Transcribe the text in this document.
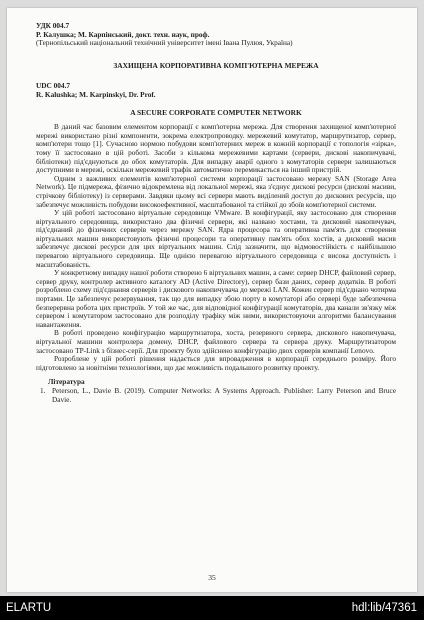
УДК 004.7
Р. Калушка; М. Карпінський, докт. техн. наук, проф.
(Тернопільський національний технічний університет імені Івана Пулюя, Україна)
ЗАХИЩЕНА КОРПОРАТИВНА КОМП'ЮТЕРНА МЕРЕЖА
UDC 004.7
R. Kalushka; M. Karpinskyi, Dr. Prof.
A SECURE CORPORATE COMPUTER NETWORK

В даний час базовим елементом корпорації є комп'ютерна мережа. Для створення захищеної комп'ютерної мережі використано різні компоненти, зокрема електропроводку. мережевий комутатор, маршрутизатор, сервер, комп'ютери тощо [1]. Сучасною нормою побудови комп'ютерних мереж в кожній корпорації є топологія «зірка», тому її застосовано в цій роботі. Засоби з кількома мережевими картами (сервери, дискові накопичувачі, бібліотеки) під'єднуються до обох комутаторів. Для випадку аварії одного з комутаторів сервери залишаються доступними в мережі, оскільки мережевий трафік автоматично перемикається на інший пристрій.

Одним з важливих елементів комп'ютерної системи корпорації застосовано мережу SAN (Storage Area Network). Це підмережа, фізично відокремлена від локальної мережі, яка з'єднує дискові ресурси (дискові масиви, стрічкову бібліотеку) із серверами. Завдяки цьому всі сервери мають виділений доступ до дискових ресурсів, що забезпечує можливість побудови високоефективної, масштабованої та стійкої до збоїв комп'ютерної системи.

У цій роботі застосовано віртуальне середовище VMware. В конфігурації, яку застосовано для створення віртуального середовища, використано два фізичні сервери, які названо хостами, та дисковий накопичувач, під'єднаний до фізичних серверів через мережу SAN. Ядра процесора та оперативна пам'ять для створення віртуальних машин використовують фізичні процесори та оперативну пам'ять обох хостів, а дисковий масив забезпечує дискові ресурси для цих віртуальних машин. Слід зазначити, що відмовостійкість є найбільшою перевагою віртуального середовища. Ще однією перевагою віртуального середовища є висока доступність і масштабованість.

У конкретному випадку нашої роботи створено 6 віртуальних машин, а саме: сервер DHCP, файловий сервер, сервер друку, контролер активного каталогу AD (Active Directory), сервер бази даних, сервер додатків. В роботі розроблено схему під'єднання серверів і дискового накопичувача до мережі LAN. Кожен сервер під'єднано чотирма портами. Це забезпечує резервування, так що для випадку збою порту в комутаторі або сервері буде забезпечена безперервна робота цих пристроїв. У той же час, для відповідної конфігурації комутаторів, два канали зв'язку між сервером і комутатором застосовано для розподілу трафіку між ними, використовуючи алгоритми балансування навантаження.

В роботі проведено конфігурацію маршрутизатора, хоста, резервного сервера, дискового накопичувача, віртуальної машини контролера домену, DHCP, файлового сервера та сервера друку. Маршрутизатором застосовано TP-Link з бізнес-серії. Для проекту було здійснено конфігурацію двох серверів компанії Lenovo.

Розроблене у цій роботі рішення надається для впровадження в корпорації середнього розміру. Його підготовлено за новітніми технологіями, що дає можливість подальшого розвитку проекту.

Література
1. Peterson, L., Davie B. (2019). Computer Networks: A Systems Approach. Publisher: Larry Peterson and Bruce Davie.
35
ELARTU	hdl:lib/47361
